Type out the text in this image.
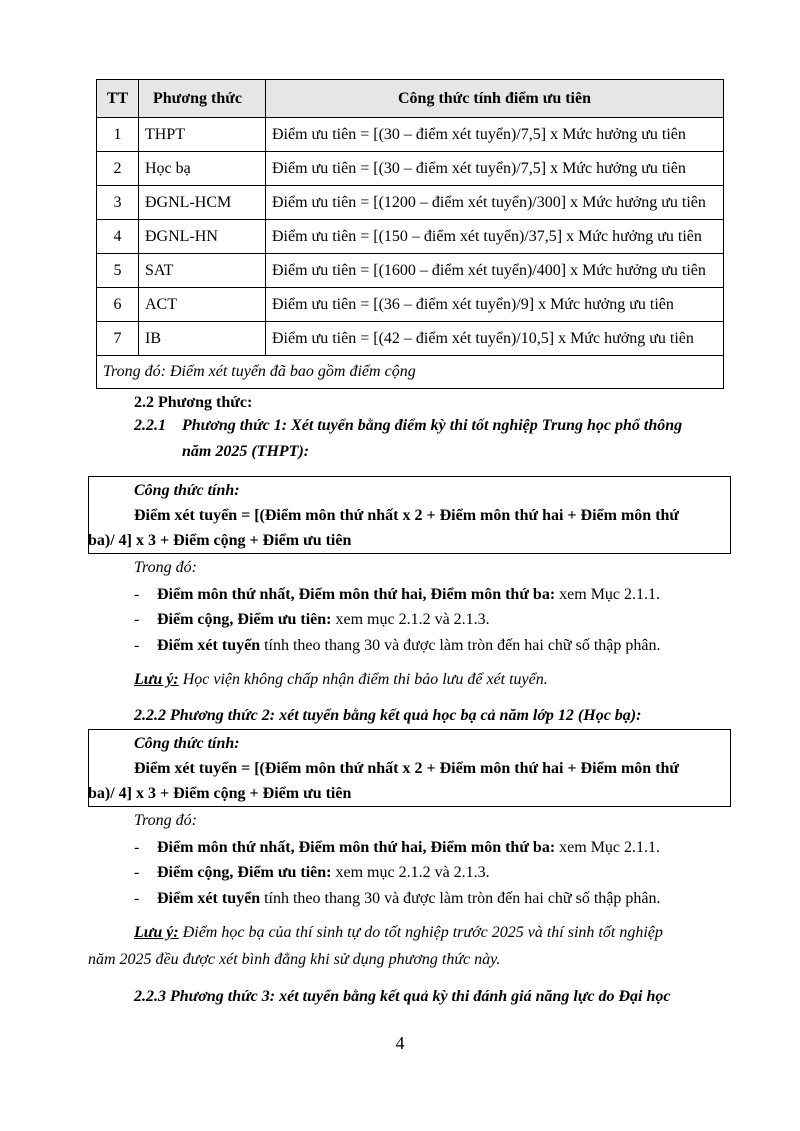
TT	Phương thức	Công thức tính điểm ưu tiên
1	THPT	Điểm ưu tiên = [(30 – điểm xét tuyển)/7,5] x Mức hưởng ưu tiên
2	Học bạ	Điểm ưu tiên = [(30 – điểm xét tuyển)/7,5] x Mức hưởng ưu tiên
3	ĐGNL-HCM	Điểm ưu tiên = [(1200 – điểm xét tuyển)/300] x Mức hưởng ưu tiên
4	ĐGNL-HN	Điểm ưu tiên = [(150 – điểm xét tuyển)/37,5] x Mức hưởng ưu tiên
5	SAT	Điểm ưu tiên = [(1600 – điểm xét tuyển)/400] x Mức hưởng ưu tiên
6	ACT	Điểm ưu tiên = [(36 – điểm xét tuyển)/9] x Mức hưởng ưu tiên
7	IB	Điểm ưu tiên = [(42 – điểm xét tuyển)/10,5] x Mức hưởng ưu tiên
Trong đó: Điểm xét tuyển đã bao gồm điểm cộng		
2.2 Phương thức:
2.2.1 Phương thức 1: Xét tuyển bằng điểm kỳ thi tốt nghiệp Trung học phổ thông
năm 2025 (THPT):
Công thức tính:
Điểm xét tuyển = [(Điểm môn thứ nhất x 2 + Điểm môn thứ hai + Điểm môn thứ
ba)/ 4] x 3 + Điểm cộng + Điểm ưu tiên
Trong đó:
- Điểm môn thứ nhất, Điểm môn thứ hai, Điểm môn thứ ba: xem Mục 2.1.1.
- Điểm cộng, Điểm ưu tiên: xem mục 2.1.2 và 2.1.3.
- Điểm xét tuyển tính theo thang 30 và được làm tròn đến hai chữ số thập phân.
Lưu ý: Học viện không chấp nhận điểm thi bảo lưu để xét tuyển.
2.2.2 Phương thức 2: xét tuyển bằng kết quả học bạ cả năm lớp 12 (Học bạ):
Công thức tính:
Điểm xét tuyển = [(Điểm môn thứ nhất x 2 + Điểm môn thứ hai + Điểm môn thứ
ba)/ 4] x 3 + Điểm cộng + Điểm ưu tiên
Trong đó:
- Điểm môn thứ nhất, Điểm môn thứ hai, Điểm môn thứ ba: xem Mục 2.1.1.
- Điểm cộng, Điểm ưu tiên: xem mục 2.1.2 và 2.1.3.
- Điểm xét tuyển tính theo thang 30 và được làm tròn đến hai chữ số thập phân.
Lưu ý: Điểm học bạ của thí sinh tự do tốt nghiệp trước 2025 và thí sinh tốt nghiệp
năm 2025 đều được xét bình đẳng khi sử dụng phương thức này.
2.2.3 Phương thức 3: xét tuyển bằng kết quả kỳ thi đánh giá năng lực do Đại học
4
